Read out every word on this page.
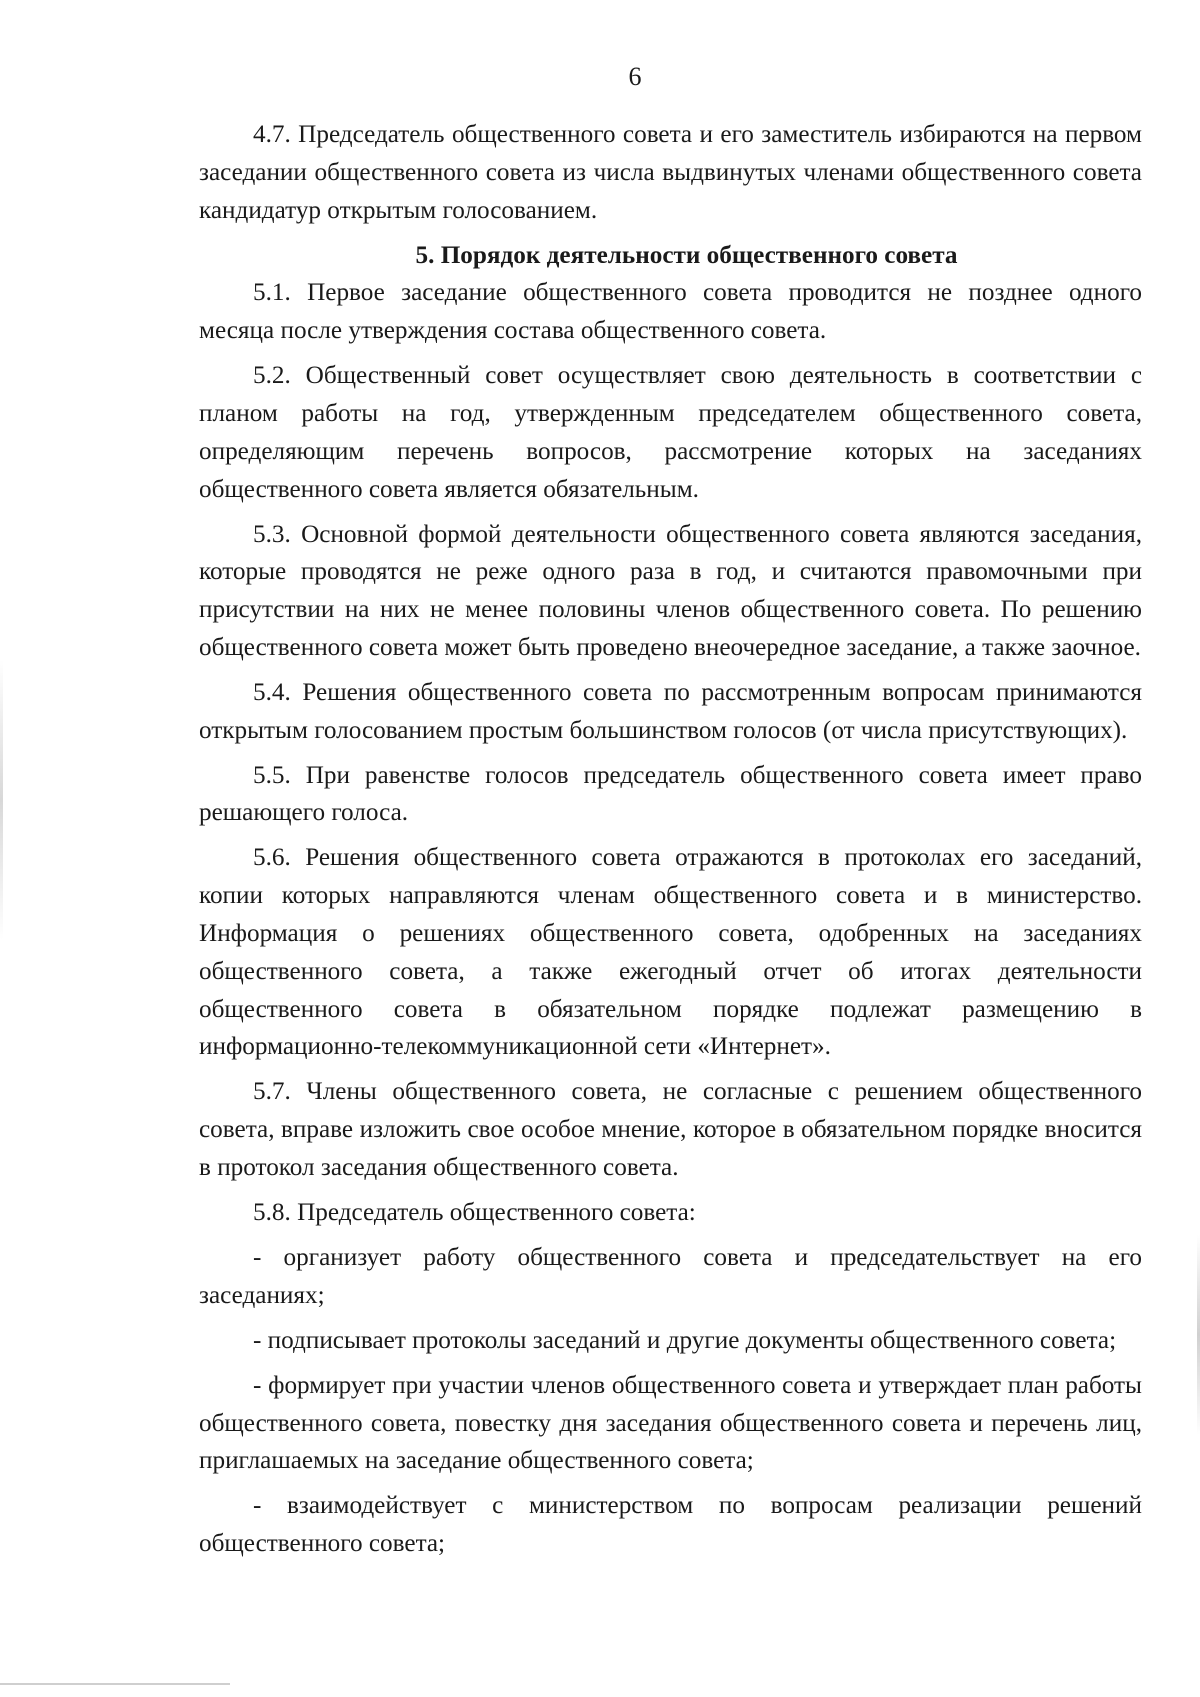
6

4.7. Председатель общественного совета и его заместитель избираются на первом заседании общественного совета из числа выдвинутых членами общественного совета кандидатур открытым голосованием.

5. Порядок деятельности общественного совета

5.1. Первое заседание общественного совета проводится не позднее одного месяца после утверждения состава общественного совета.

5.2. Общественный совет осуществляет свою деятельность в соответствии с планом работы на год, утвержденным председателем общественного совета, определяющим перечень вопросов, рассмотрение которых на заседаниях общественного совета является обязательным.

5.3. Основной формой деятельности общественного совета являются заседания, которые проводятся не реже одного раза в год, и считаются правомочными при присутствии на них не менее половины членов общественного совета. По решению общественного совета может быть проведено внеочередное заседание, а также заочное.

5.4. Решения общественного совета по рассмотренным вопросам принимаются открытым голосованием простым большинством голосов (от числа присутствующих).

5.5. При равенстве голосов председатель общественного совета имеет право решающего голоса.

5.6. Решения общественного совета отражаются в протоколах его заседаний, копии которых направляются членам общественного совета и в министерство. Информация о решениях общественного совета, одобренных на заседаниях общественного совета, а также ежегодный отчет об итогах деятельности общественного совета в обязательном порядке подлежат размещению в информационно-телекоммуникационной сети «Интернет».

5.7. Члены общественного совета, не согласные с решением общественного совета, вправе изложить свое особое мнение, которое в обязательном порядке вносится в протокол заседания общественного совета.

5.8. Председатель общественного совета:

- организует работу общественного совета и председательствует на его заседаниях;

- подписывает протоколы заседаний и другие документы общественного совета;

- формирует при участии членов общественного совета и утверждает план работы общественного совета, повестку дня заседания общественного совета и перечень лиц, приглашаемых на заседание общественного совета;

- взаимодействует с министерством по вопросам реализации решений общественного совета;
